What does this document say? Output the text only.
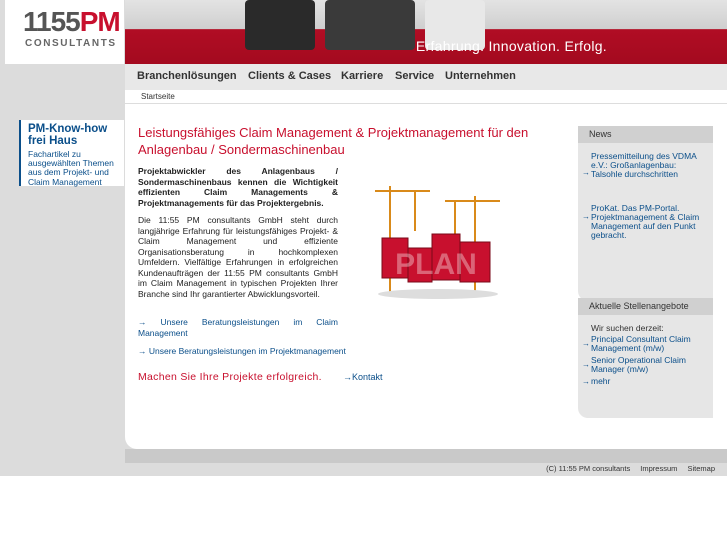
1155PM
CONSULTANTS	Erfahrung. Innovation. Erfolg.
Branchenlösungen Clients & Cases Karriere Service Unternehmen
Startseite
PM-Know-how frei Haus
Fachartikel zu ausgewählten Themen aus dem Projekt- und Claim Management
Leistungsfähiges Claim Management & Projektmanagement für den Anlagenbau / Sondermaschinenbau
Projektabwickler des Anlagenbaus / Sondermaschinenbaus kennen die Wichtigkeit effizienten Claim Managements & Projektmanagements für das Projektergebnis.
Die 11:55 PM consultants GmbH steht durch langjährige Erfahrung für leistungsfähiges Projekt- & Claim Management und effiziente Organisationsberatung in hochkomplexen Umfeldern. Vielfältige Erfahrungen in erfolgreichen Kundenaufträgen der 11:55 PM consultants GmbH im Claim Management in typischen Projekten Ihrer Branche sind Ihr garantierter Abwicklungsvorteil.
→ Unsere Beratungsleistungen im Claim Management
→ Unsere Beratungsleistungen im Projektmanagement
Machen Sie Ihre Projekte erfolgreich. →Kontakt
PLAN
News
→
Pressemitteilung des VDMA e.V.: Großanlagenbau: Talsohle durchschritten
→
ProKat. Das PM-Portal. Projektmanagement & Claim Management auf den Punkt gebracht.
Aktuelle Stellenangebote
Wir suchen derzeit:
→ Principal Consultant Claim Management (m/w)
→ Senior Operational Claim Manager (m/w)
→ mehr
(C) 11:55 PM consultants Impressum Sitemap
